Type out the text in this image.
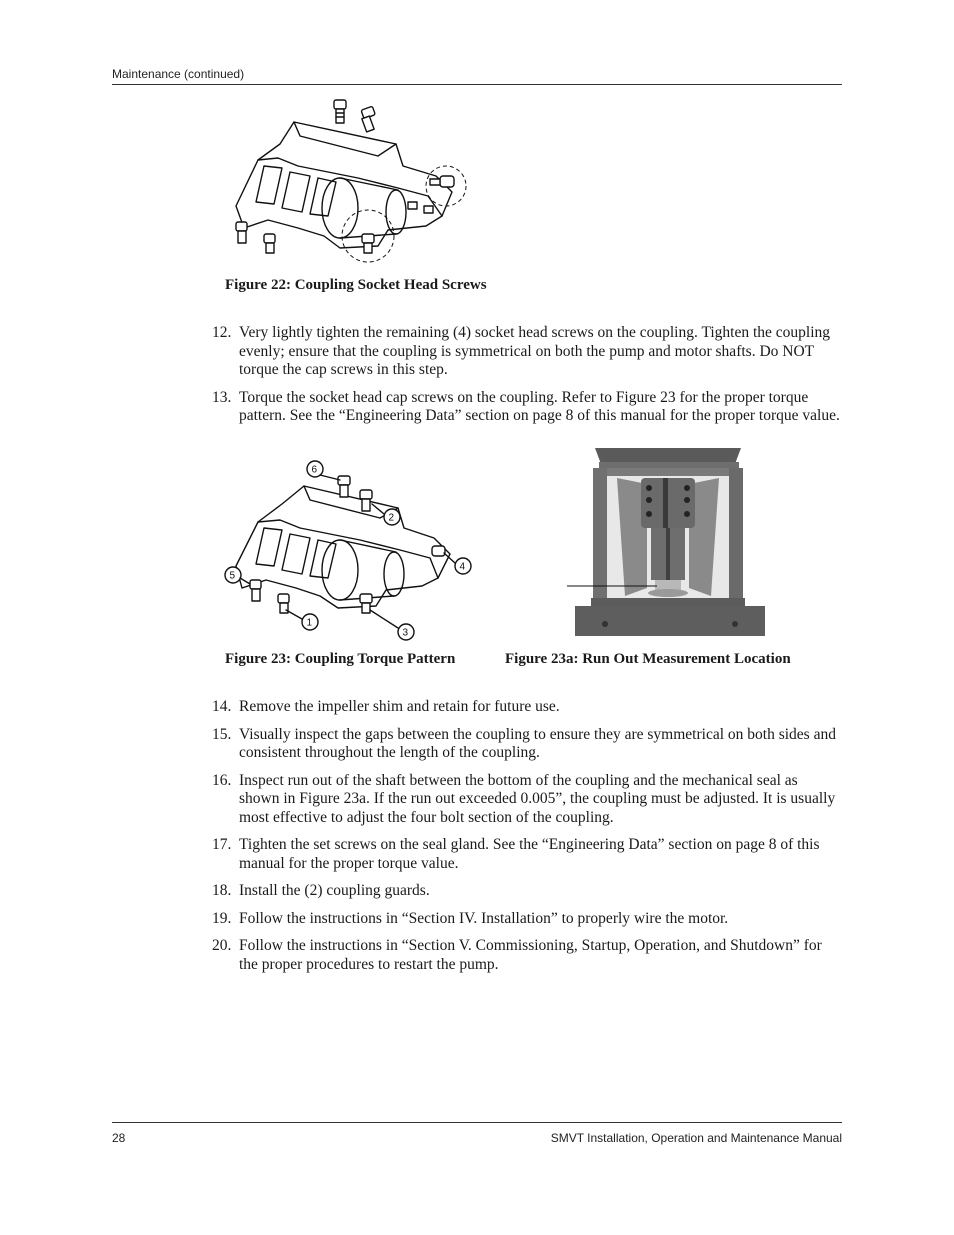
Maintenance (continued)
Figure 22: Coupling Socket Head Screws
12. Very lightly tighten the remaining (4) socket head screws on the coupling. Tighten the coupling evenly; ensure that the coupling is symmetrical on both the pump and motor shafts. Do NOT torque the cap screws in this step.
13. Torque the socket head cap screws on the coupling. Refer to Figure 23 for the proper torque pattern. See the “Engineering Data” section on page 8 of this manual for the proper torque value.
6
2
4
5
1
3
Figure 23: Coupling Torque Pattern	Figure 23a: Run Out Measurement Location
14. Remove the impeller shim and retain for future use.
15. Visually inspect the gaps between the coupling to ensure they are symmetrical on both sides and consistent throughout the length of the coupling.
16. Inspect run out of the shaft between the bottom of the coupling and the mechanical seal as shown in Figure 23a. If the run out exceeded 0.005”, the coupling must be adjusted. It is usually most effective to adjust the four bolt section of the coupling.
17. Tighten the set screws on the seal gland. See the “Engineering Data” section on page 8 of this manual for the proper torque value.
18. Install the (2) coupling guards.
19. Follow the instructions in “Section IV. Installation” to properly wire the motor.
20. Follow the instructions in “Section V. Commissioning, Startup, Operation, and Shutdown” for the proper procedures to restart the pump.
28	SMVT Installation, Operation and Maintenance Manual
